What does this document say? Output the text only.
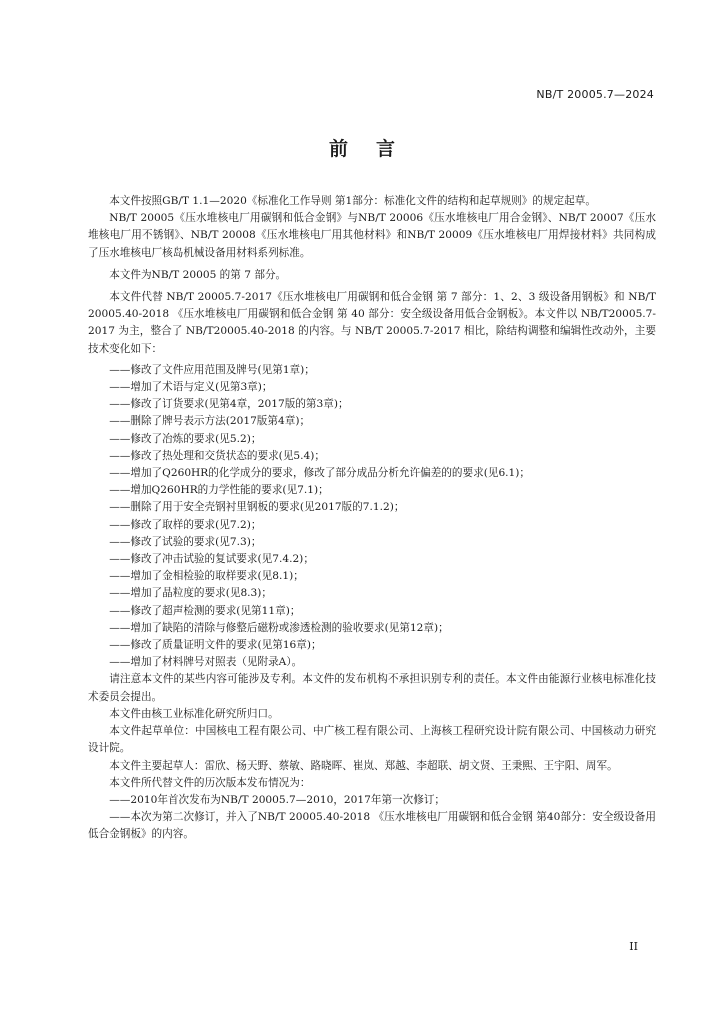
NB/T 20005.7—2024
前言

本文件按照GB/T 1.1—2020《标准化工作导则 第1部分：标准化文件的结构和起草规则》的规定起草。

NB/T 20005《压水堆核电厂用碳钢和低合金钢》与NB/T 20006《压水堆核电厂用合金钢》、NB/T 20007《压水堆核电厂用不锈钢》、NB/T 20008《压水堆核电厂用其他材料》和NB/T 20009《压水堆核电厂用焊接材料》共同构成了压水堆核电厂核岛机械设备用材料系列标准。

本文件为NB/T 20005 的第 7 部分。

本文件代替 NB/T 20005.7-2017《压水堆核电厂用碳钢和低合金钢 第 7 部分：1、2、3 级设备用钢板》和 NB/T 20005.40-2018 《压水堆核电厂用碳钢和低合金钢 第 40 部分：安全级设备用低合金钢板》。本文件以 NB/T20005.7-2017 为主，整合了 NB/T20005.40-2018 的内容。与 NB/T 20005.7-2017 相比，除结构调整和编辑性改动外，主要技术变化如下：

——修改了文件应用范围及牌号(见第1章)；

——增加了术语与定义(见第3章)；

——修改了订货要求(见第4章，2017版的第3章)；

——删除了牌号表示方法(2017版第4章)；

——修改了冶炼的要求(见5.2)；

——修改了热处理和交货状态的要求(见5.4)；

——增加了Q260HR的化学成分的要求，修改了部分成品分析允许偏差的的要求(见6.1)；

——增加Q260HR的力学性能的要求(见7.1)；

——删除了用于安全壳钢衬里钢板的要求(见2017版的7.1.2)；

——修改了取样的要求(见7.2)；

——修改了试验的要求(见7.3)；

——修改了冲击试验的复试要求(见7.4.2)；

——增加了金相检验的取样要求(见8.1)；

——增加了晶粒度的要求(见8.3)；

——修改了超声检测的要求(见第11章)；

——增加了缺陷的清除与修整后磁粉或渗透检测的验收要求(见第12章)；

——修改了质量证明文件的要求(见第16章)；

——增加了材料牌号对照表（见附录A）。

请注意本文件的某些内容可能涉及专利。本文件的发布机构不承担识别专利的责任。本文件由能源行业核电标准化技术委员会提出。

本文件由核工业标准化研究所归口。

本文件起草单位：中国核电工程有限公司、中广核工程有限公司、上海核工程研究设计院有限公司、中国核动力研究设计院。

本文件主要起草人：雷欣、杨天野、蔡敏、路晓晖、崔岚、郑越、李超联、胡文贤、王秉熙、王宇阳、周军。

本文件所代替文件的历次版本发布情况为：

——2010年首次发布为NB/T 20005.7—2010，2017年第一次修订；

——本次为第二次修订，并入了NB/T 20005.40-2018 《压水堆核电厂用碳钢和低合金钢 第40部分：安全级设备用低合金钢板》的内容。

II
